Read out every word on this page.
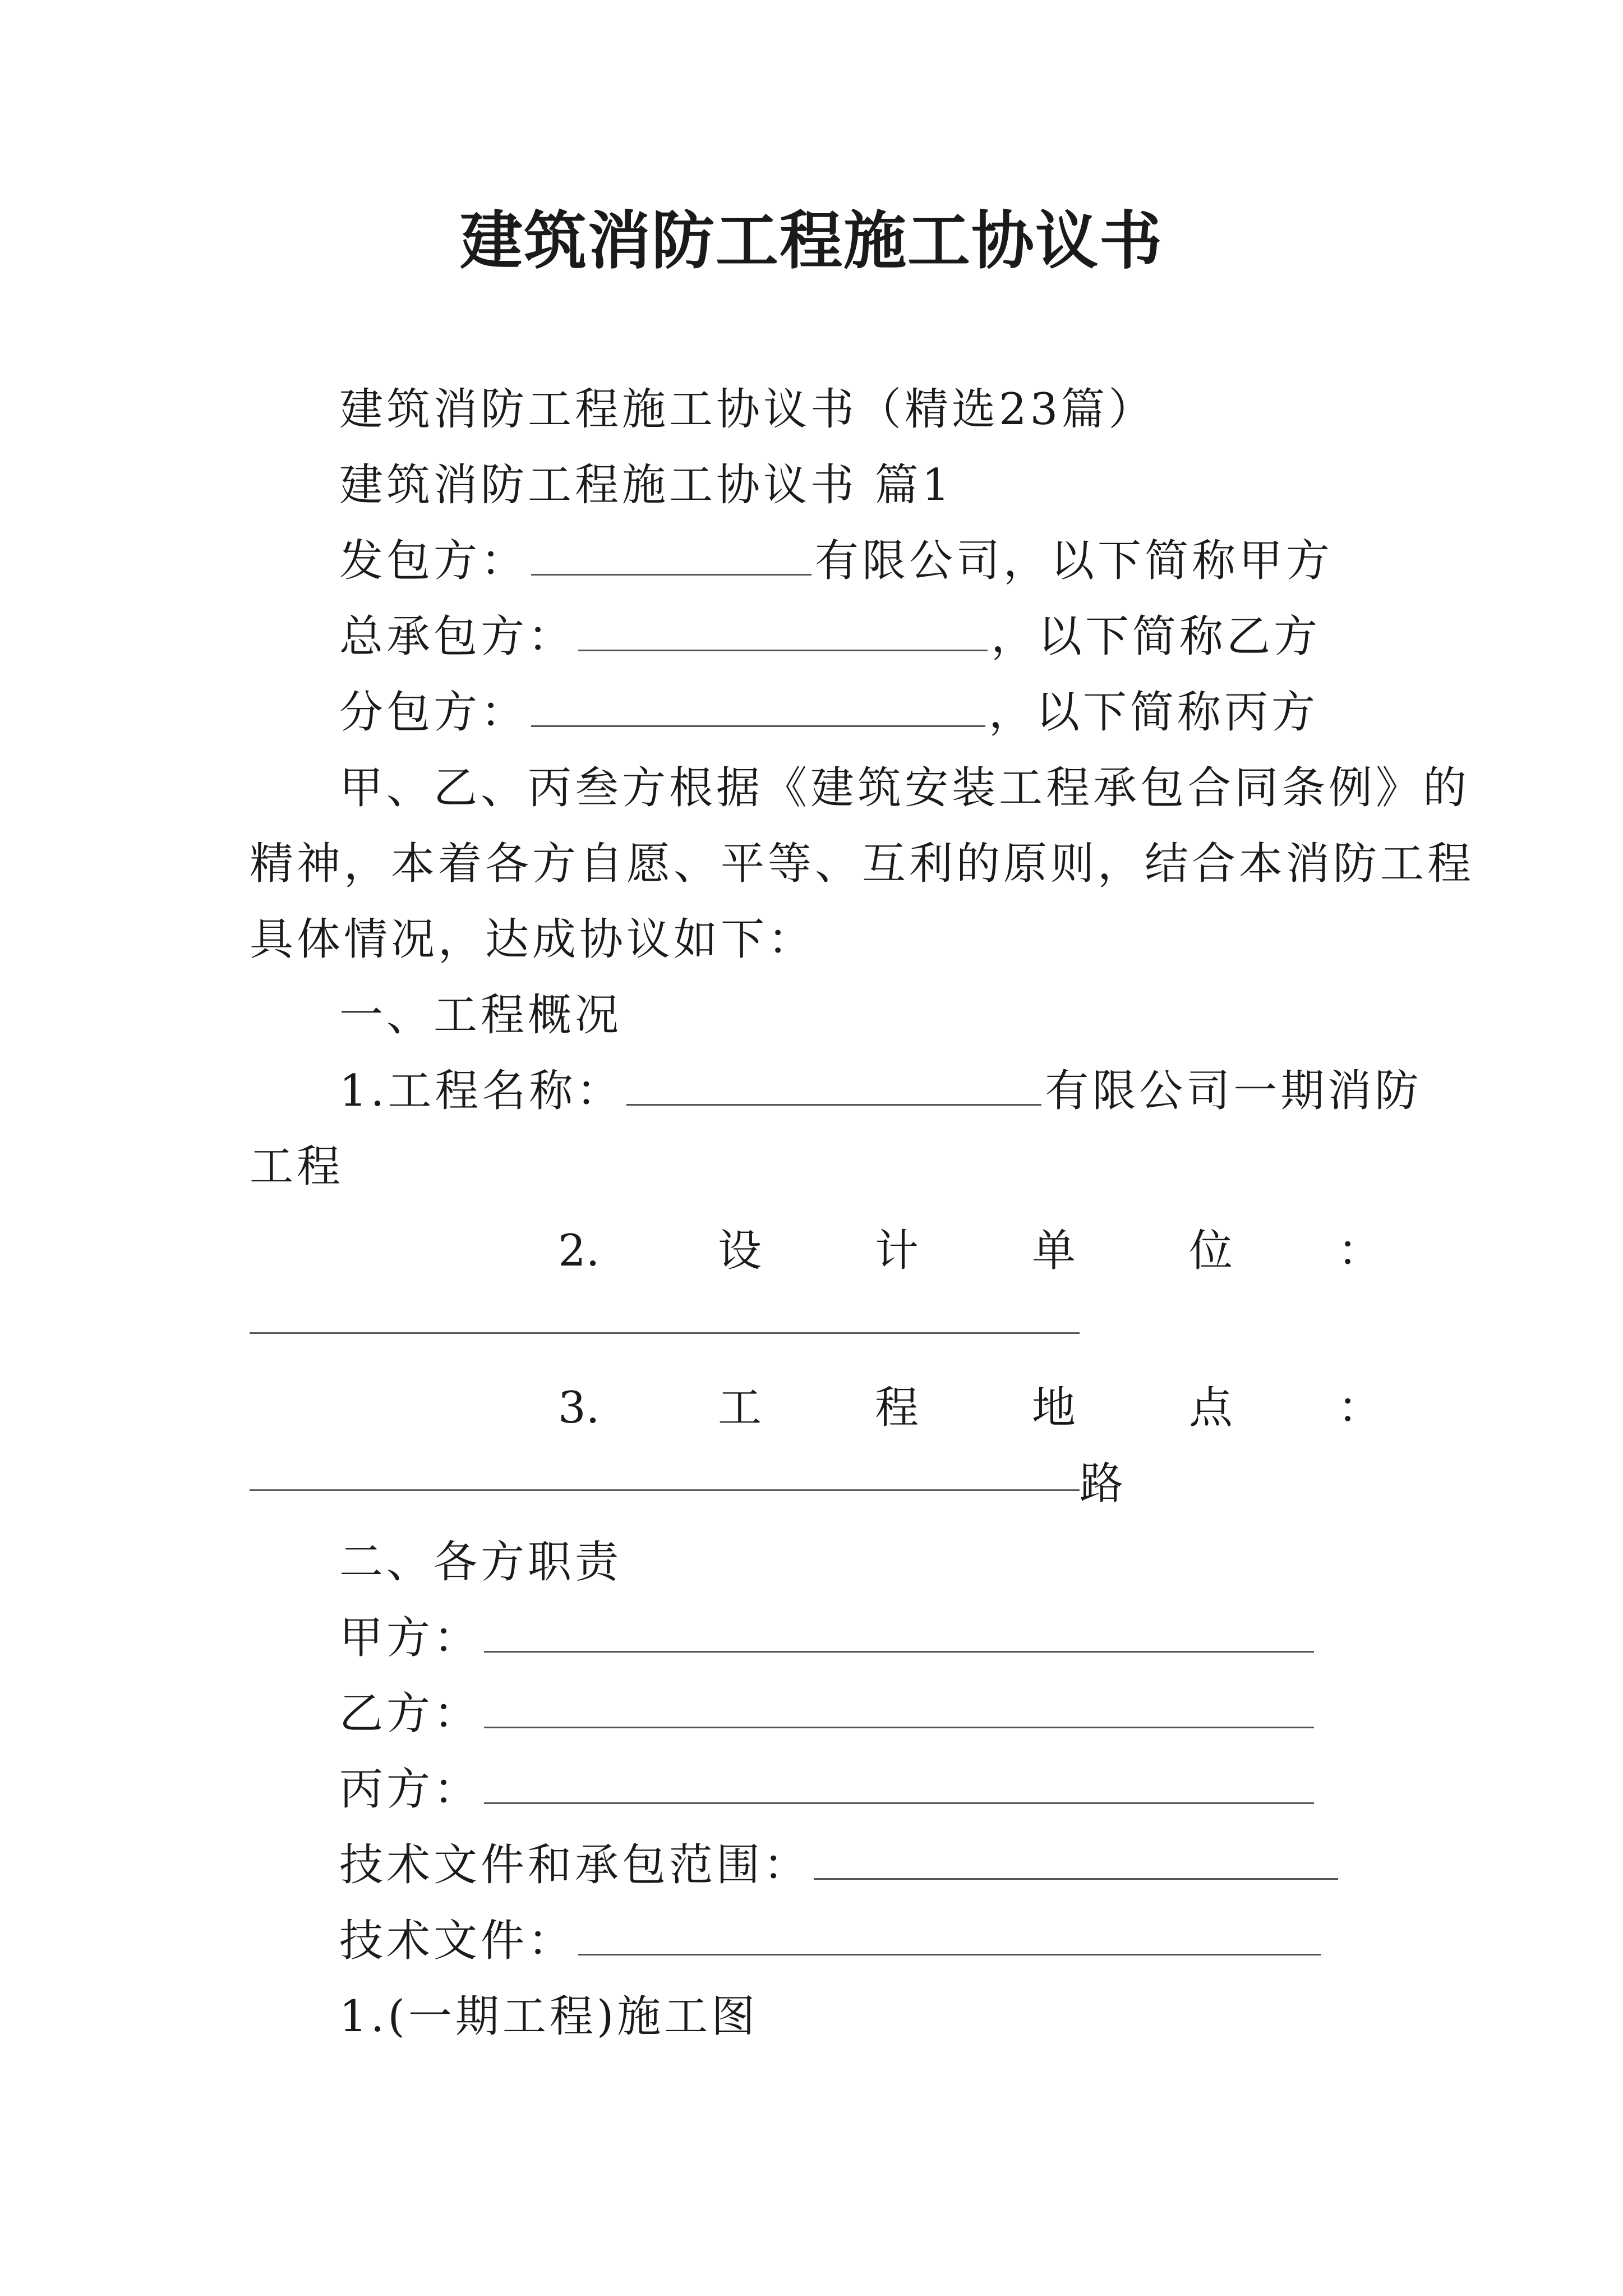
建筑消防工程施工协议书
建筑消防工程施工协议书（精选23篇）
建筑消防工程施工协议书 篇1
发包方：	有限公司，以下简称甲方
总承包方：	，以下简称乙方
分包方：	，以下简称丙方
甲、乙、丙叁方根据《建筑安装工程承包合同条例》的
精神，本着各方自愿、平等、互利的原则，结合本消防工程
具体情况，达成协议如下：
一、工程概况
1.工程名称：	有限公司一期消防
工程
2.	设	计	单	位 ：
3.	工	程	地	点 ：
路
二、各方职责
甲方：
乙方：
丙方：
技术文件和承包范围：
技术文件：
1.(一期工程)施工图
